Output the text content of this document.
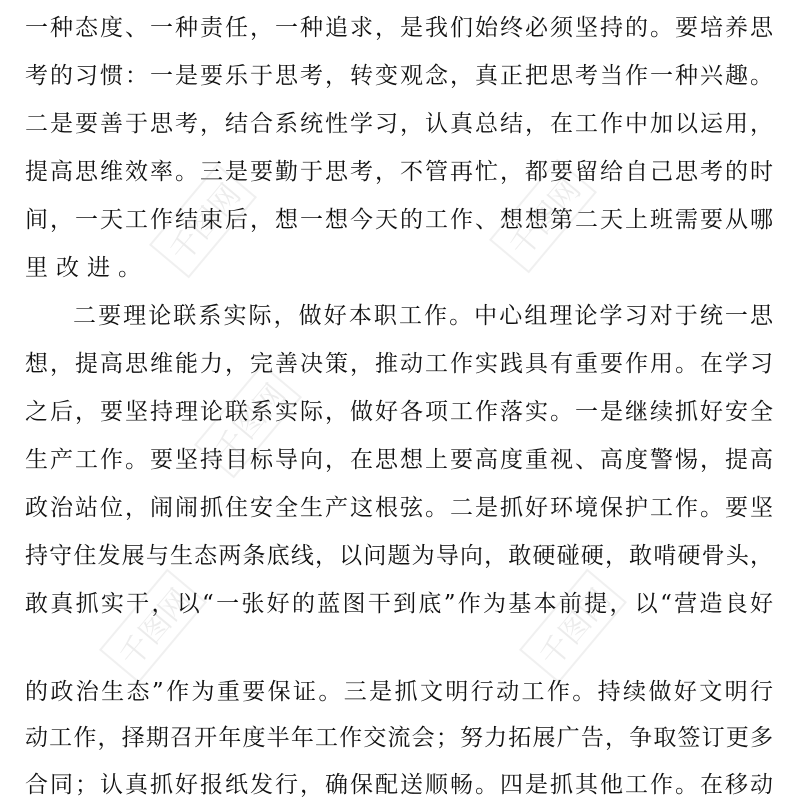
一种态度、一种责任，一种追求，是我们始终必须坚持的。要培养思
考的习惯：一是要乐于思考，转变观念，真正把思考当作一种兴趣。
二是要善于思考，结合系统性学习，认真总结，在工作中加以运用，
提高思维效率。三是要勤于思考，不管再忙，都要留给自己思考的时
间，一天工作结束后，想一想今天的工作、想想第二天上班需要从哪
里改进。
二要理论联系实际，做好本职工作。中心组理论学习对于统一思
想，提高思维能力，完善决策，推动工作实践具有重要作用。在学习
之后，要坚持理论联系实际，做好各项工作落实。一是继续抓好安全
生产工作。要坚持目标导向，在思想上要高度重视、高度警惕，提高
政治站位，闹闹抓住安全生产这根弦。二是抓好环境保护工作。要坚
持守住发展与生态两条底线，以问题为导向，敢硬碰硬，敢啃硬骨头，
敢真抓实干，以“一张好的蓝图干到底”作为基本前提，以“营造良好
的政治生态”作为重要保证。三是抓文明行动工作。持续做好文明行
动工作，择期召开年度半年工作交流会；努力拓展广告，争取签订更多
合同；认真抓好报纸发行，确保配送顺畅。四是抓其他工作。在移动
千图网	千图网
千图网
千图网	千图网
